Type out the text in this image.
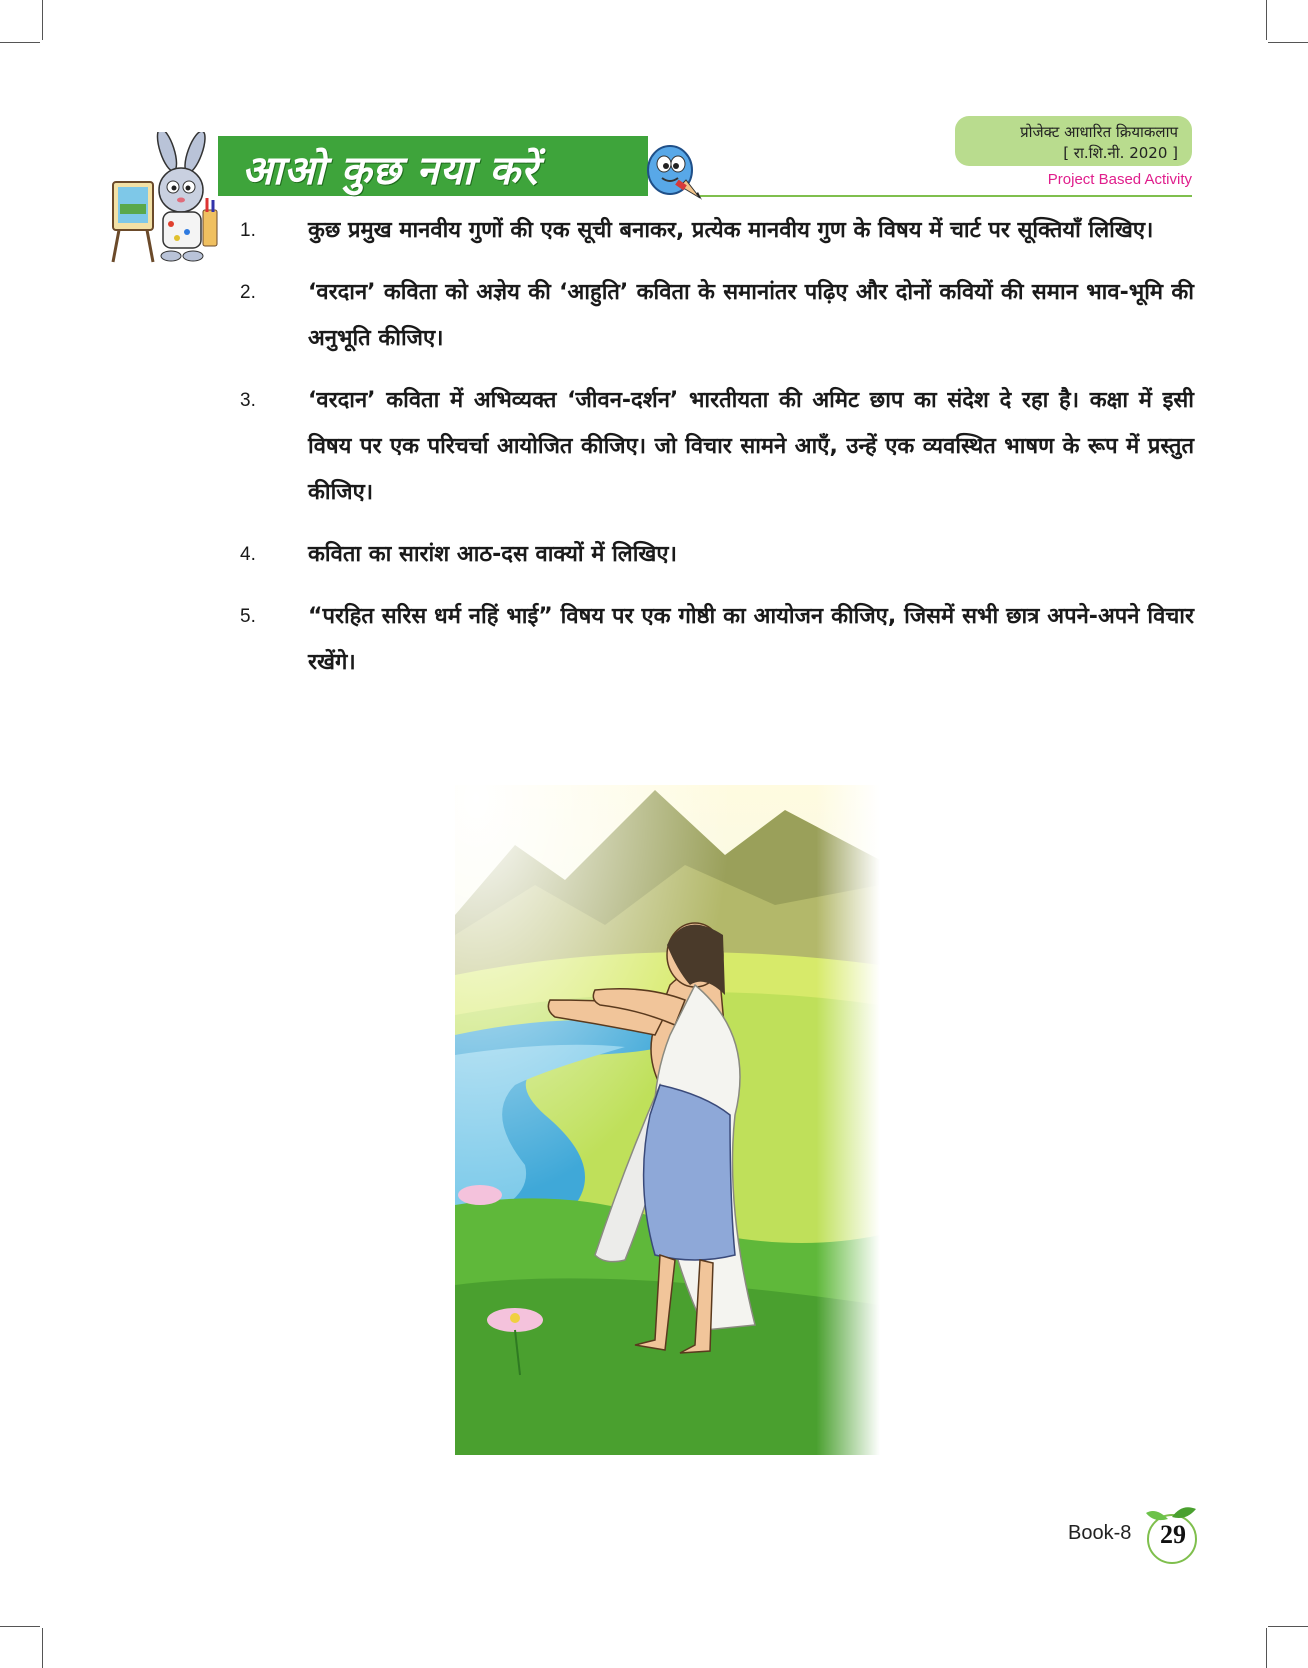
प्रोजेक्ट आधारित क्रियाकलाप
[ रा.शि.नी. 2020 ]
Project Based Activity
आओ कुछ नया करें
1. कुछ प्रमुख मानवीय गुणों की एक सूची बनाकर, प्रत्येक मानवीय गुण के विषय में चार्ट पर सूक्तियाँ लिखिए।
2. ‘वरदान’ कविता को अज्ञेय की ‘आहुति’ कविता के समानांतर पढ़िए और दोनों कवियों की समान भाव-भूमि की अनुभूति कीजिए।
3. ‘वरदान’ कविता में अभिव्यक्त ‘जीवन-दर्शन’ भारतीयता की अमिट छाप का संदेश दे रहा है। कक्षा में इसी विषय पर एक परिचर्चा आयोजित कीजिए। जो विचार सामने आएँ, उन्हें एक व्यवस्थित भाषण के रूप में प्रस्तुत कीजिए।
4. कविता का सारांश आठ-दस वाक्यों में लिखिए।
5. “परहित सरिस धर्म नहिं भाई” विषय पर एक गोष्ठी का आयोजन कीजिए, जिसमें सभी छात्र अपने-अपने विचार रखेंगे।
Book-8 29
